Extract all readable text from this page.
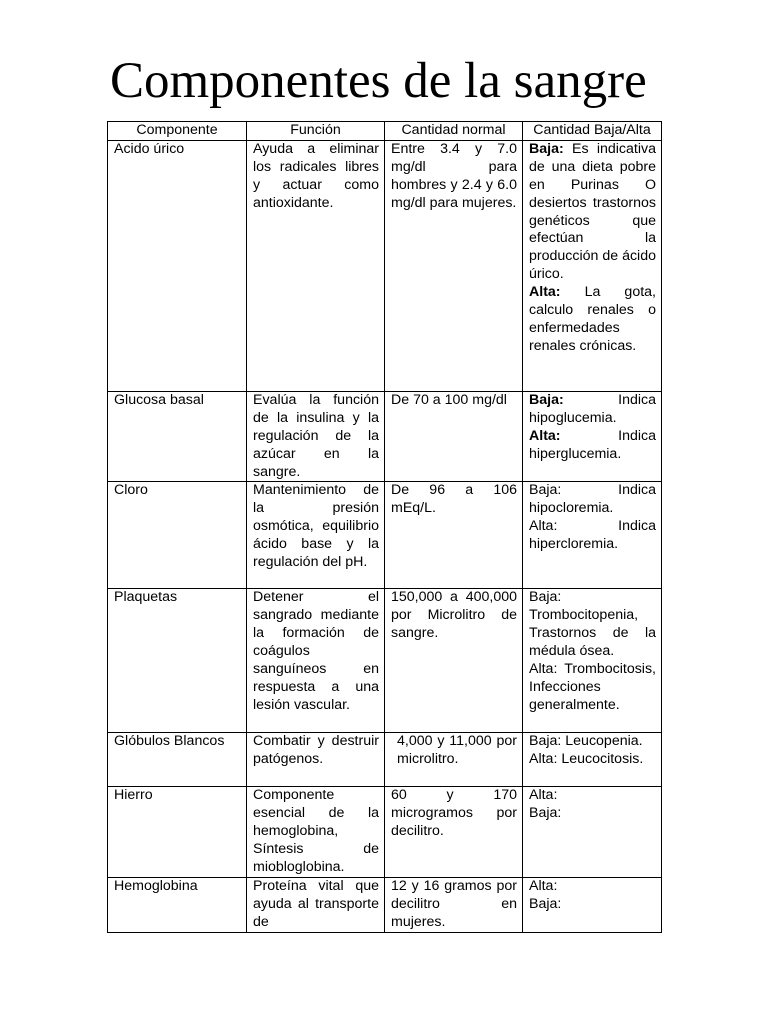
Componentes de la sangre
Componente	Función	Cantidad normal	Cantidad Baja/Alta
Acido úrico	Ayuda a eliminar los radicales libres y actuar como antioxidante.	Entre 3.4 y 7.0 mg/dl para hombres y 2.4 y 6.0 mg/dl para mujeres.	Baja: Es indicativa de una dieta pobre en Purinas O desiertos trastornos genéticos que efectúan la producción de ácido úrico.
Alta: La gota, calculo renales o enfermedades renales crónicas.

Glucosa basal	Evalúa la función de la insulina y la regulación de la azúcar en la sangre.	De 70 a 100 mg/dl	Baja: Indica hipoglucemia.
Alta: Indica hiperglucemia.

Cloro	Mantenimiento de la presión osmótica, equilibrio ácido base y la regulación del pH.	De 96 a 106 mEq/L.	Baja: Indica hipocloremia.
Alta: Indica hipercloremia.

Plaquetas	Detener el sangrado mediante la formación de coágulos sanguíneos en respuesta a una lesión vascular.	150,000 a 400,000 por Microlitro de sangre.	Baja: Trombocitopenia, Trastornos de la médula ósea.
Alta: Trombocitosis, Infecciones generalmente.

Glóbulos Blancos	Combatir y destruir patógenos.	4,000 y 11,000 por microlitro.	Baja: Leucopenia.
Alta: Leucocitosis.

Hierro	Componente esencial de la hemoglobina, Síntesis de miobloglobina.	60 y 170 microgramos por decilitro.	Alta:
Baja:

Hemoglobina	Proteína vital que ayuda al transporte de	12 y 16 gramos por decilitro en mujeres.	Alta:
Baja:
